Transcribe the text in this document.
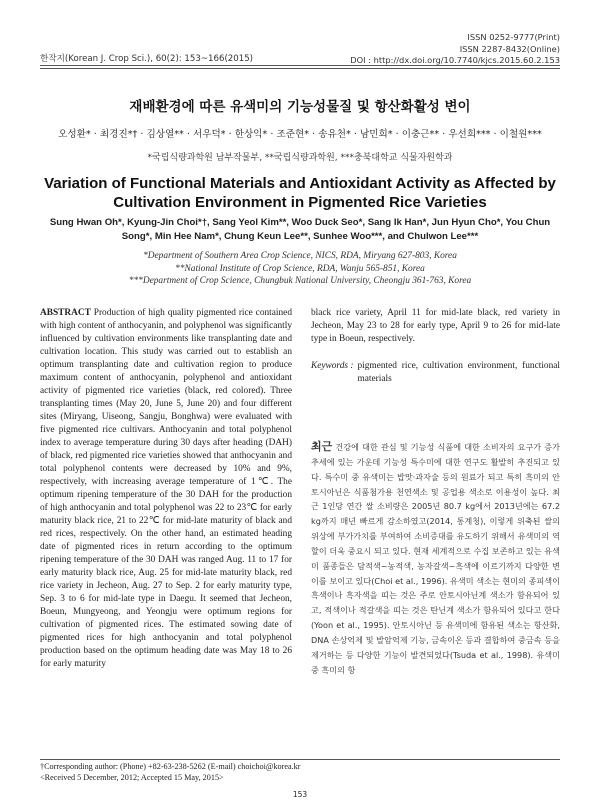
한작지(Korean J. Crop Sci.), 60(2): 153~166(2015)
ISSN 0252-9777(Print)
ISSN 2287-8432(Online)
DOI : http://dx.doi.org/10.7740/kjcs.2015.60.2.153
재배환경에 따른 유색미의 기능성물질 및 항산화활성 변이
오성환* · 최경진*† · 김상열** · 서우덕* · 한상익* · 조준현* · 송유천* · 남민희* · 이충근** · 우선희*** · 이철원***
*국립식량과학원 남부작물부, **국립식량과학원, ***충북대학교 식물자원학과
Variation of Functional Materials and Antioxidant Activity as Affected by Cultivation Environment in Pigmented Rice Varieties
Sung Hwan Oh*, Kyung-Jin Choi*†, Sang Yeol Kim**, Woo Duck Seo*, Sang Ik Han*, Jun Hyun Cho*, You Chun Song*, Min Hee Nam*, Chung Keun Lee**, Sunhee Woo***, and Chulwon Lee***
*Department of Southern Area Crop Science, NICS, RDA, Miryang 627-803, Korea
**National Institute of Crop Science, RDA, Wanju 565-851, Korea
***Department of Crop Science, Chungbuk National University, Cheongju 361-763, Korea
ABSTRACT Production of high quality pigmented rice contained with high content of anthocyanin, and polyphenol was significantly influenced by cultivation environments like transplanting date and cultivation location. This study was carried out to establish an optimum transplanting date and cultivation region to produce maximum content of anthocyanin, polyphenol and antioxidant activity of pigmented rice varieties (black, red colored). Three transplanting times (May 20, June 5, June 20) and four different sites (Miryang, Uiseong, Sangju, Bonghwa) were evaluated with five pigmented rice cultivars. Anthocyanin and total polyphenol index to average temperature during 30 days after heading (DAH) of black, red pigmented rice varieties showed that anthocyanin and total polyphenol contents were decreased by 10% and 9%, respectively, with increasing average temperature of 1℃. The optimum ripening temperature of the 30 DAH for the production of high anthocyanin and total polyphenol was 22 to 23℃ for early maturity black rice, 21 to 22℃ for mid-late maturity of black and red rices, respectively. On the other hand, an estimated heading date of pigmented rices in return according to the optimum ripening temperature of the 30 DAH was ranged Aug. 11 to 17 for early maturity black rice, Aug. 25 for mid-late maturity black, red rice variety in Jecheon, Aug. 27 to Sep. 2 for early maturity type, Sep. 3 to 6 for mid-late type in Daegu. It seemed that Jecheon, Boeun, Mungyeong, and Yeongju were optimum regions for cultivation of pigmented rices. The estimated sowing date of pigmented rices for high anthocyanin and total polyphenol production based on the optimum heading date was May 18 to 26 for early maturity
black rice variety, April 11 for mid-late black, red variety in Jecheon, May 23 to 28 for early type, April 9 to 26 for mid-late type in Boeun, respectively.
Keywords : pigmented rice, cultivation environment, functional materials
최근 건강에 대한 관심 및 기능성 식품에 대한 소비자의 요구가 증가추세에 있는 가운데 기능성 특수미에 대한 연구도 활발히 추진되고 있다. 특수미 중 유색미는 밥맛·과자술 등의 원료가 되고 특히 흑미의 안토시아닌은 식품첨가용 천연색소 및 공업용 색소로 이용성이 높다. 최근 1인당 연간 쌀 소비량은 2005년 80.7 kg에서 2013년에는 67.2 kg까지 매년 빠르게 감소하였고(2014, 통계청), 이렇게 위축된 쌀의 위상에 부가가치를 부여하여 소비증대를 유도하기 위해서 유색미의 역할이 더욱 중요시 되고 있다. 현재 세계적으로 수집 보존하고 있는 유색미 품종들은 담적색~농적색, 농자갈색~흑색에 이르기까지 다양한 변이를 보이고 있다(Choi et al., 1996). 유색미 색소는 현미의 종피색이 흑색이나 흑자색을 띠는 것은 주로 안토시아닌계 색소가 함유되어 있고, 적색이나 적갈색을 띠는 것은 탄닌계 색소가 함유되어 있다고 한다(Yoon et al., 1995). 안토시아닌 등 유색미에 함유된 색소는 항산화, DNA 손상억제 및 발암억제 기능, 금속이온 등과 결합하여 중금속 등을 제거하는 등 다양한 기능이 발견되었다(Tsuda et al., 1998). 유색미 중 흑미의 항
†Corresponding author: (Phone) +82-63-238-5262 (E-mail) choichoi@korea.kr
<Received 5 December, 2012; Accepted 15 May, 2015>
153
